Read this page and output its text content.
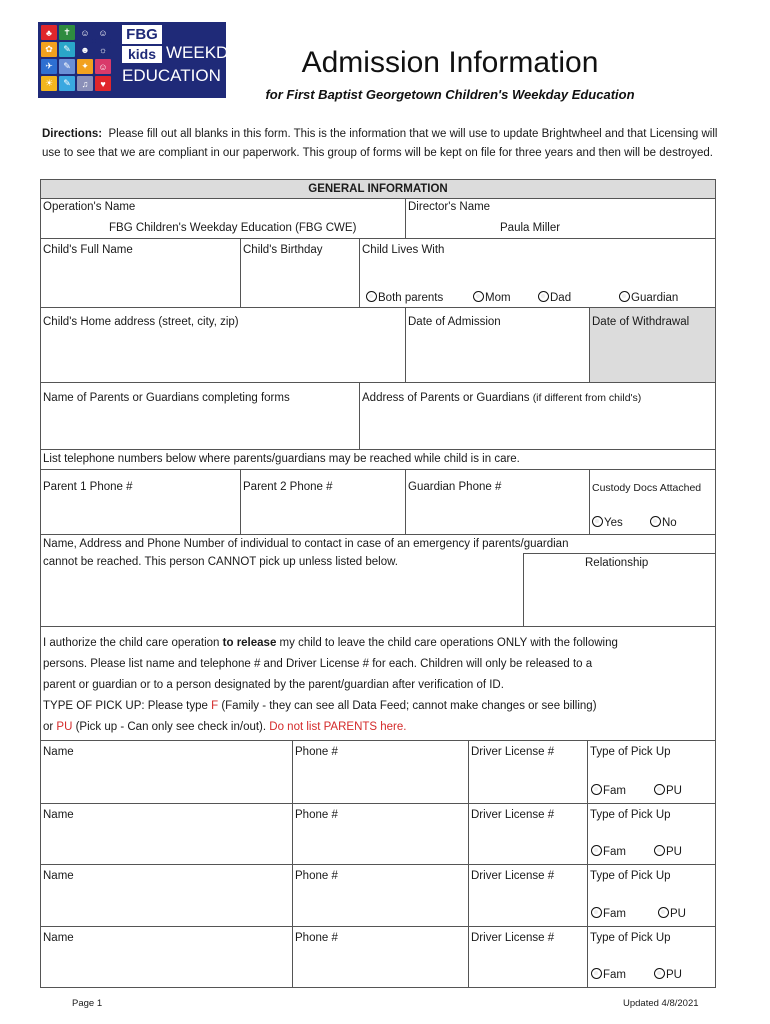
♣	✝	☺ ☺
✿	✎	☻	☼
✈	✎	✦	☺
☀	✎	♫	♥
FBG
kids WEEKDAY
EDUCATION	Admission Information
for First Baptist Georgetown Children's Weekday Education
Directions: Please fill out all blanks in this form. This is the information that we will use to update Brightwheel and that Licensing will use to see that we are compliant in our paperwork. This group of forms will be kept on file for three years and then will be destroyed.
GENERAL INFORMATION
Operation's Name
FBG Children's Weekday Education (FBG CWE)
Director's Name
Paula Miller
Child's Full Name	Child's Birthday	Child Lives With
Both parents	Mom	Dad	Guardian
Child's Home address (street, city, zip)	Date of Admission	Date of Withdrawal
Name of Parents or Guardians completing forms	Address of Parents or Guardians (if different from child's)
List telephone numbers below where parents/guardians may be reached while child is in care.
Parent 1 Phone #	Parent 2 Phone #	Guardian Phone #	Custody Docs Attached
Yes	No
Name, Address and Phone Number of individual to contact in case of an emergency if parents/guardian
cannot be reached. This person CANNOT pick up unless listed below.	Relationship
I authorize the child care operation to release my child to leave the child care operations ONLY with the following
persons. Please list name and telephone # and Driver License # for each. Children will only be released to a
parent or guardian or to a person designated by the parent/guardian after verification of ID.
TYPE OF PICK UP: Please type F (Family - they can see all Data Feed; cannot make changes or see billing)
or PU (Pick up - Can only see check in/out). Do not list PARENTS here.
Name	Phone #	Driver License #	Type of Pick Up
Fam	PU
Name	Phone #	Driver License #	Type of Pick Up
Fam	PU
Name	Phone #	Driver License #	Type of Pick Up
Fam	PU
Name	Phone #	Driver License #	Type of Pick Up
Fam	PU
Page 1	Updated 4/8/2021
